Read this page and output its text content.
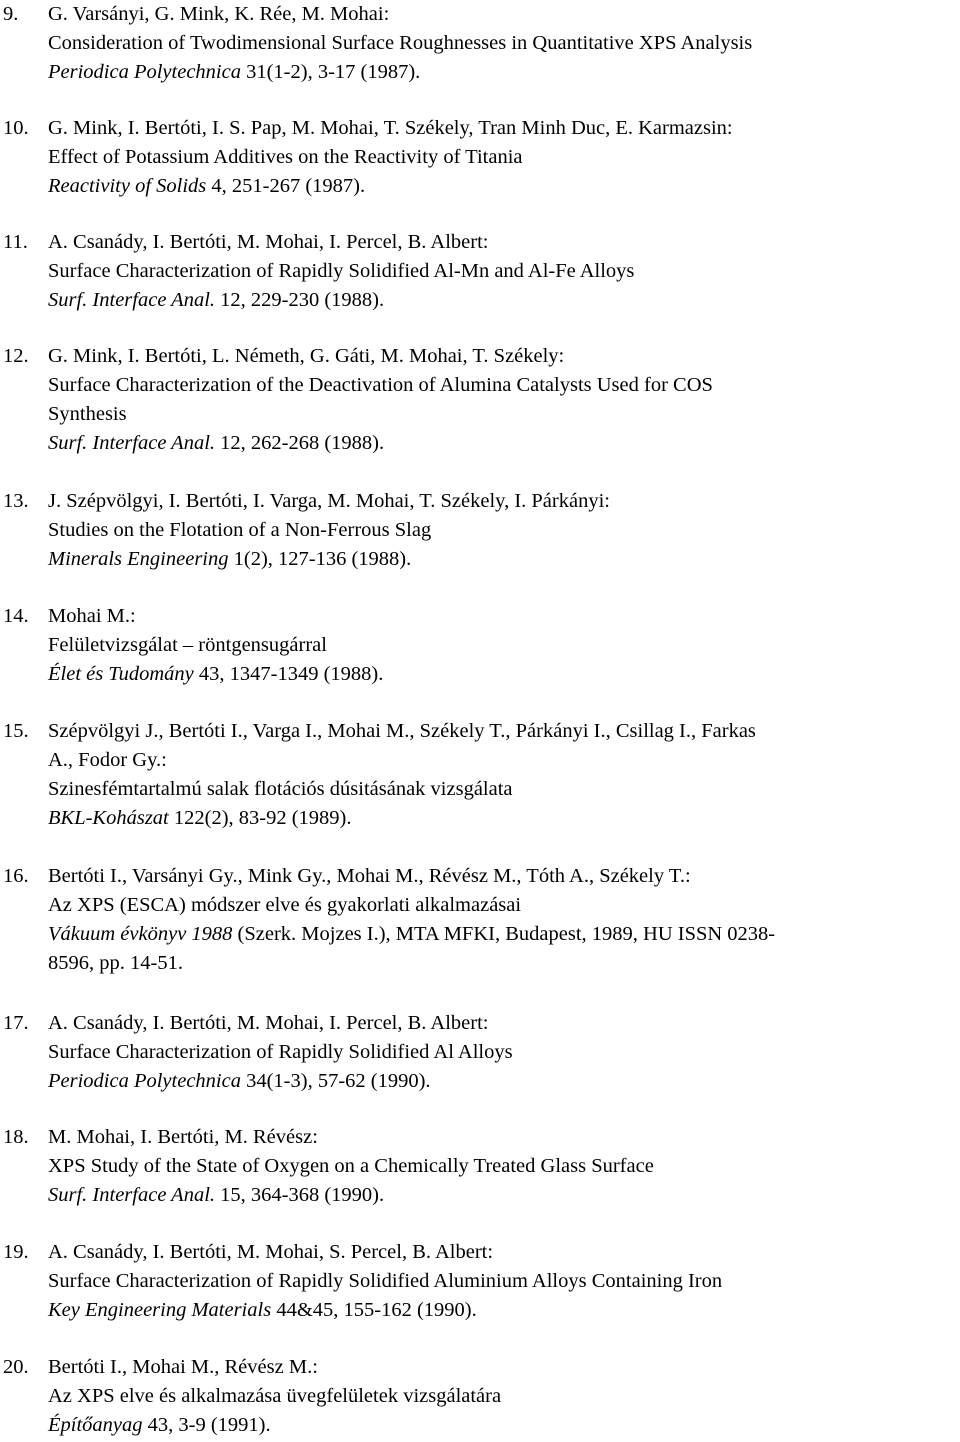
9. G. Varsányi, G. Mink, K. Rée, M. Mohai:
Consideration of Twodimensional Surface Roughnesses in Quantitative XPS Analysis
Periodica Polytechnica 31(1-2), 3-17 (1987).
10. G. Mink, I. Bertóti, I. S. Pap, M. Mohai, T. Székely, Tran Minh Duc, E. Karmazsin:
Effect of Potassium Additives on the Reactivity of Titania
Reactivity of Solids 4, 251-267 (1987).
11. A. Csanády, I. Bertóti, M. Mohai, I. Percel, B. Albert:
Surface Characterization of Rapidly Solidified Al-Mn and Al-Fe Alloys
Surf. Interface Anal. 12, 229-230 (1988).
12. G. Mink, I. Bertóti, L. Németh, G. Gáti, M. Mohai, T. Székely:
Surface Characterization of the Deactivation of Alumina Catalysts Used for COS
Synthesis
Surf. Interface Anal. 12, 262-268 (1988).
13. J. Szépvölgyi, I. Bertóti, I. Varga, M. Mohai, T. Székely, I. Párkányi:
Studies on the Flotation of a Non-Ferrous Slag
Minerals Engineering 1(2), 127-136 (1988).
14. Mohai M.:
Felületvizsgálat – röntgensugárral
Élet és Tudomány 43, 1347-1349 (1988).
15. Szépvölgyi J., Bertóti I., Varga I., Mohai M., Székely T., Párkányi I., Csillag I., Farkas
A., Fodor Gy.:
Szinesfémtartalmú salak flotációs dúsitásának vizsgálata
BKL-Kohászat 122(2), 83-92 (1989).
16. Bertóti I., Varsányi Gy., Mink Gy., Mohai M., Révész M., Tóth A., Székely T.:
Az XPS (ESCA) módszer elve és gyakorlati alkalmazásai
Vákuum évkönyv 1988 (Szerk. Mojzes I.), MTA MFKI, Budapest, 1989, HU ISSN 0238-
8596, pp. 14-51.
17. A. Csanády, I. Bertóti, M. Mohai, I. Percel, B. Albert:
Surface Characterization of Rapidly Solidified Al Alloys
Periodica Polytechnica 34(1-3), 57-62 (1990).
18. M. Mohai, I. Bertóti, M. Révész:
XPS Study of the State of Oxygen on a Chemically Treated Glass Surface
Surf. Interface Anal. 15, 364-368 (1990).
19. A. Csanády, I. Bertóti, M. Mohai, S. Percel, B. Albert:
Surface Characterization of Rapidly Solidified Aluminium Alloys Containing Iron
Key Engineering Materials 44&45, 155-162 (1990).
20. Bertóti I., Mohai M., Révész M.:
Az XPS elve és alkalmazása üvegfelületek vizsgálatára
Építőanyag 43, 3-9 (1991).
